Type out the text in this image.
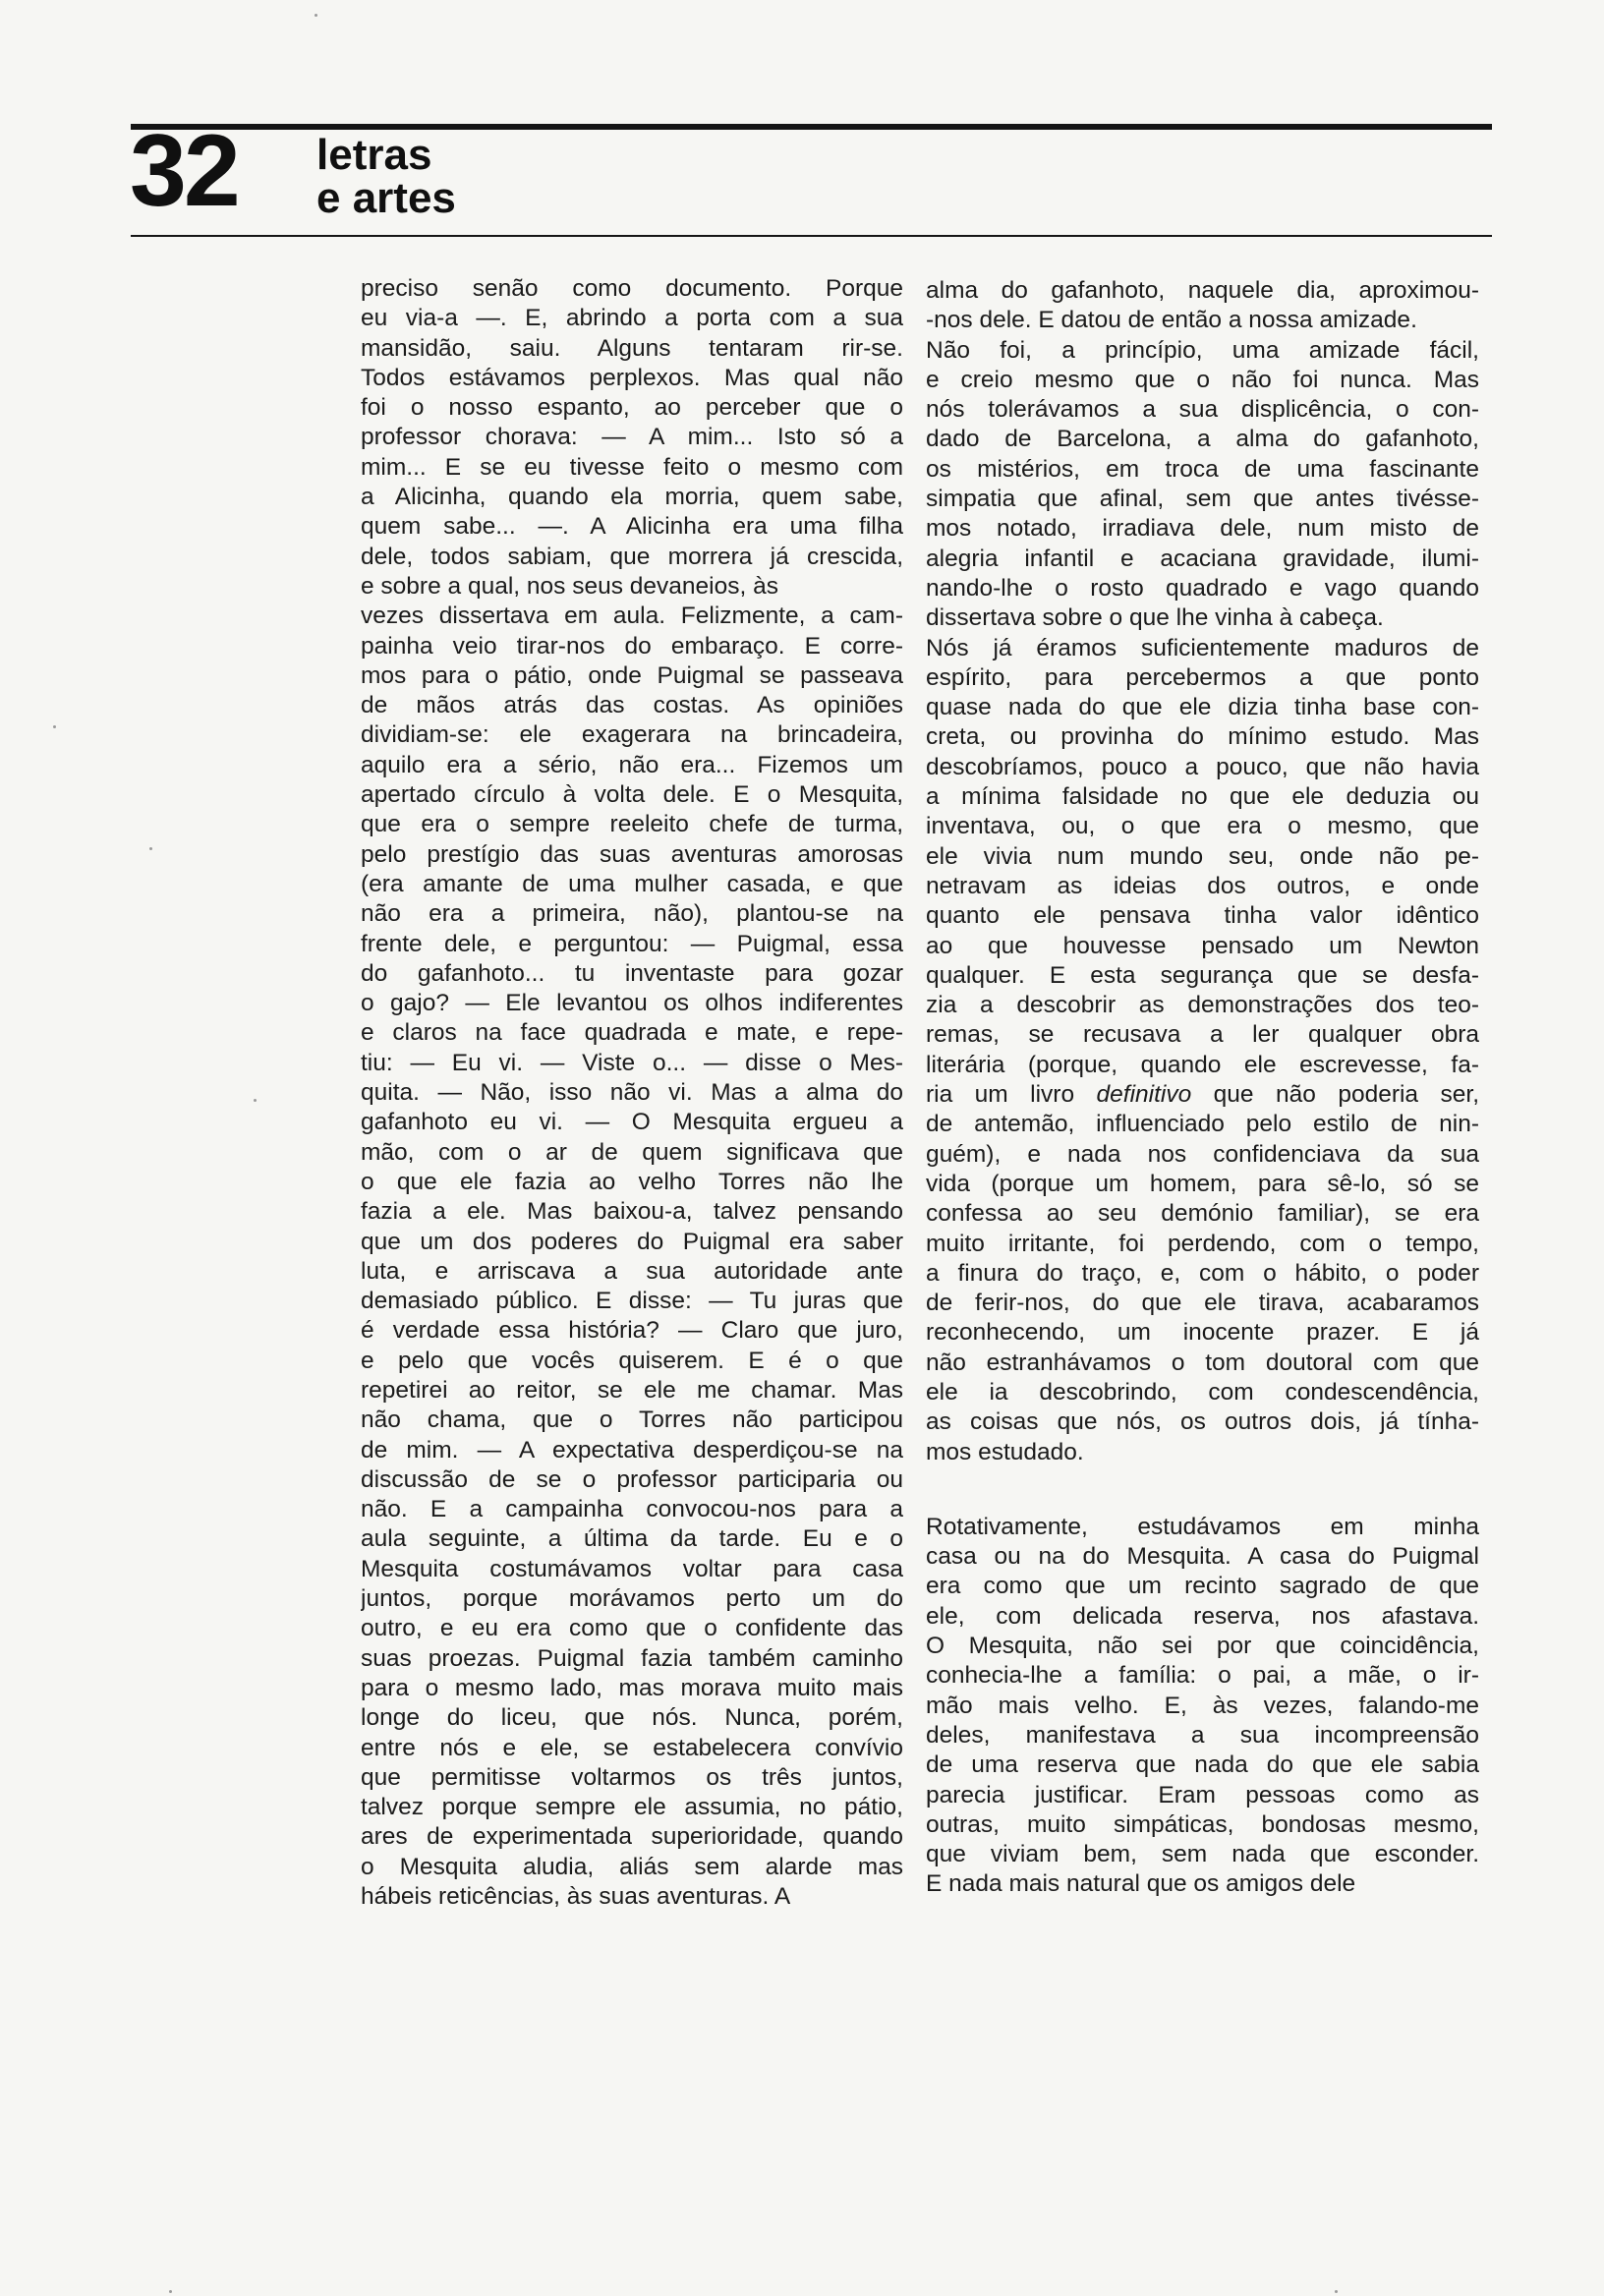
32 letras
e artes
preciso senão como documento. Porque
eu via-a —. E, abrindo a porta com a sua
mansidão, saiu. Alguns tentaram rir-se.
Todos estávamos perplexos. Mas qual não
foi o nosso espanto, ao perceber que o
professor chorava: — A mim... Isto só a
mim... E se eu tivesse feito o mesmo com
a Alicinha, quando ela morria, quem sabe,
quem sabe... —. A Alicinha era uma filha
dele, todos sabiam, que morrera já crescida,
e sobre a qual, nos seus devaneios, às
vezes dissertava em aula. Felizmente, a cam-
painha veio tirar-nos do embaraço. E corre-
mos para o pátio, onde Puigmal se passeava
de mãos atrás das costas. As opiniões
dividiam-se: ele exagerara na brincadeira,
aquilo era a sério, não era... Fizemos um
apertado círculo à volta dele. E o Mesquita,
que era o sempre reeleito chefe de turma,
pelo prestígio das suas aventuras amorosas
(era amante de uma mulher casada, e que
não era a primeira, não), plantou-se na
frente dele, e perguntou: — Puigmal, essa
do gafanhoto... tu inventaste para gozar
o gajo? — Ele levantou os olhos indiferentes
e claros na face quadrada e mate, e repe-
tiu: — Eu vi. — Viste o... — disse o Mes-
quita. — Não, isso não vi. Mas a alma do
gafanhoto eu vi. — O Mesquita ergueu a
mão, com o ar de quem significava que
o que ele fazia ao velho Torres não lhe
fazia a ele. Mas baixou-a, talvez pensando
que um dos poderes do Puigmal era saber
luta, e arriscava a sua autoridade ante
demasiado público. E disse: — Tu juras que
é verdade essa história? — Claro que juro,
e pelo que vocês quiserem. E é o que
repetirei ao reitor, se ele me chamar. Mas
não chama, que o Torres não participou
de mim. — A expectativa desperdiçou-se na
discussão de se o professor participaria ou
não. E a campainha convocou-nos para a
aula seguinte, a última da tarde. Eu e o
Mesquita costumávamos voltar para casa
juntos, porque morávamos perto um do
outro, e eu era como que o confidente das
suas proezas. Puigmal fazia também caminho
para o mesmo lado, mas morava muito mais
longe do liceu, que nós. Nunca, porém,
entre nós e ele, se estabelecera convívio
que permitisse voltarmos os três juntos,
talvez porque sempre ele assumia, no pátio,
ares de experimentada superioridade, quando
o Mesquita aludia, aliás sem alarde mas
hábeis reticências, às suas aventuras. A
alma do gafanhoto, naquele dia, aproximou-
-nos dele. E datou de então a nossa amizade.
Não foi, a princípio, uma amizade fácil,
e creio mesmo que o não foi nunca. Mas
nós tolerávamos a sua displicência, o con-
dado de Barcelona, a alma do gafanhoto,
os mistérios, em troca de uma fascinante
simpatia que afinal, sem que antes tivésse-
mos notado, irradiava dele, num misto de
alegria infantil e acaciana gravidade, ilumi-
nando-lhe o rosto quadrado e vago quando
dissertava sobre o que lhe vinha à cabeça.
Nós já éramos suficientemente maduros de
espírito, para percebermos a que ponto
quase nada do que ele dizia tinha base con-
creta, ou provinha do mínimo estudo. Mas
descobríamos, pouco a pouco, que não havia
a mínima falsidade no que ele deduzia ou
inventava, ou, o que era o mesmo, que
ele vivia num mundo seu, onde não pe-
netravam as ideias dos outros, e onde
quanto ele pensava tinha valor idêntico
ao que houvesse pensado um Newton
qualquer. E esta segurança que se desfa-
zia a descobrir as demonstrações dos teo-
remas, se recusava a ler qualquer obra
literária (porque, quando ele escrevesse, fa-
ria um livro definitivo que não poderia ser,
de antemão, influenciado pelo estilo de nin-
guém), e nada nos confidenciava da sua
vida (porque um homem, para sê-lo, só se
confessa ao seu demónio familiar), se era
muito irritante, foi perdendo, com o tempo,
a finura do traço, e, com o hábito, o poder
de ferir-nos, do que ele tirava, acabaramos
reconhecendo, um inocente prazer. E já
não estranhávamos o tom doutoral com que
ele ia descobrindo, com condescendência,
as coisas que nós, os outros dois, já tínha-
mos estudado.
Rotativamente, estudávamos em minha
casa ou na do Mesquita. A casa do Puigmal
era como que um recinto sagrado de que
ele, com delicada reserva, nos afastava.
O Mesquita, não sei por que coincidência,
conhecia-lhe a família: o pai, a mãe, o ir-
mão mais velho. E, às vezes, falando-me
deles, manifestava a sua incompreensão
de uma reserva que nada do que ele sabia
parecia justificar. Eram pessoas como as
outras, muito simpáticas, bondosas mesmo,
que viviam bem, sem nada que esconder.
E nada mais natural que os amigos dele
